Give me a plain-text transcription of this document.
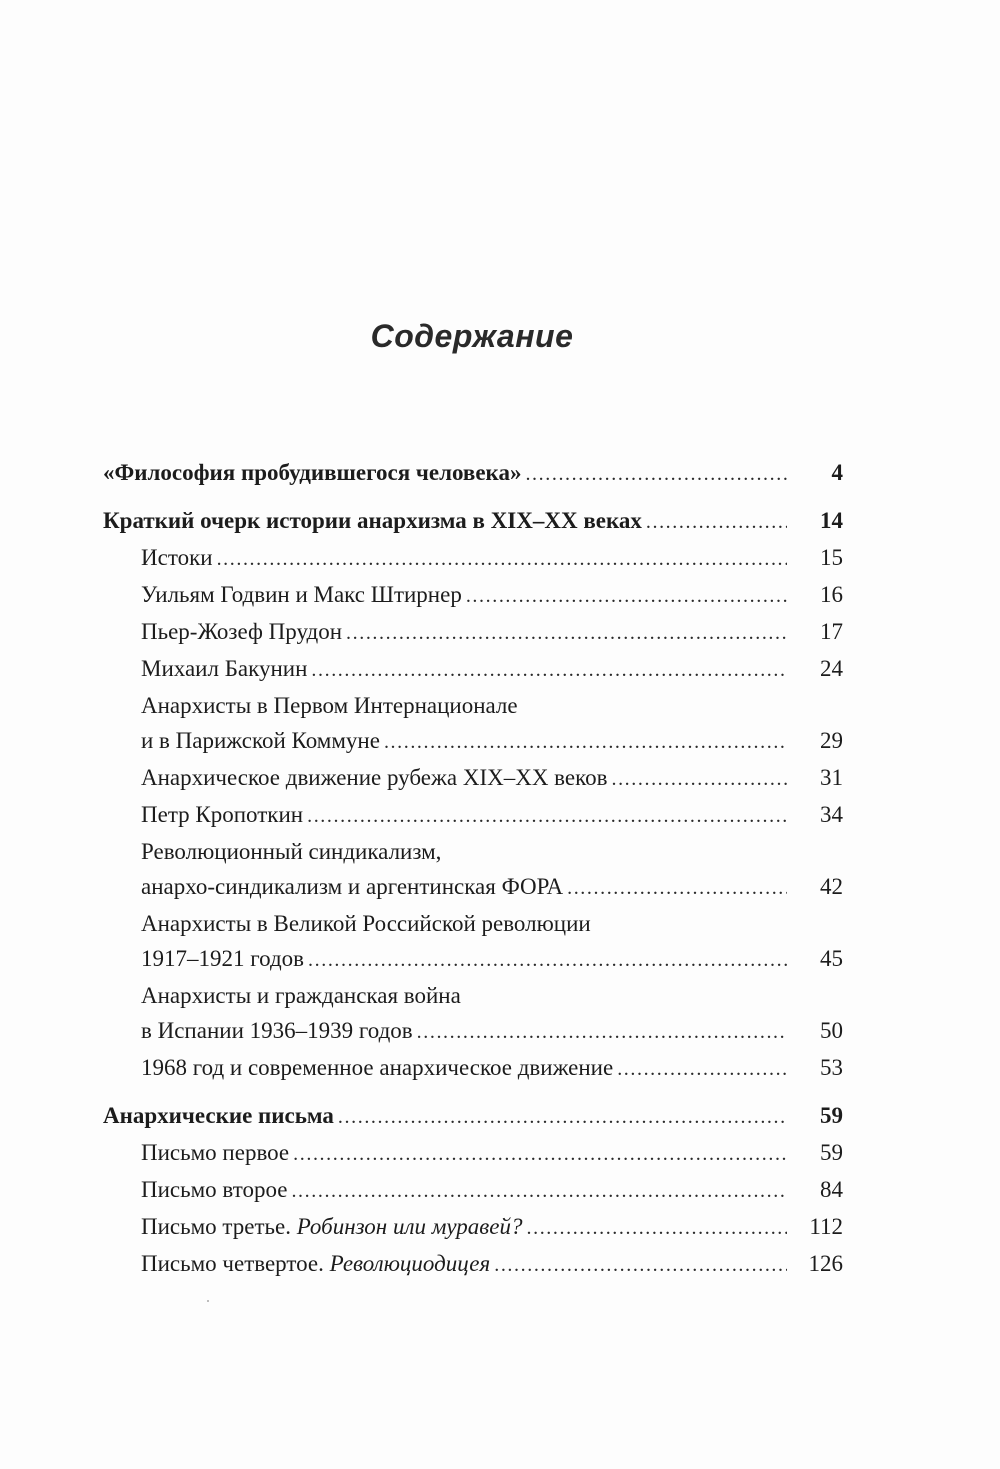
Содержание
«Философия пробудившегося человека» .....	4
Краткий очерк истории анархизма в XIX–XX веках .....	14
Истоки .....	15
Уильям Годвин и Макс Штирнер .....	16
Пьер-Жозеф Прудон .....	17
Михаил Бакунин .....	24
Анархисты в Первом Интернационале
и в Парижской Коммуне .....	29
Анархическое движение рубежа XIX–XX веков .....	31
Петр Кропоткин .....	34
Революционный синдикализм,
анархо-синдикализм и аргентинская ФОРА .....	42
Анархисты в Великой Российской революции
1917–1921 годов .....	45
Анархисты и гражданская война
в Испании 1936–1939 годов .....	50
1968 год и современное анархическое движение .....	53
Анархические письма .....	59
Письмо первое .....	59
Письмо второе .....	84
Письмо третье. Робинзон или муравей? .....	112
Письмо четвертое. Революциодицея .....	126
